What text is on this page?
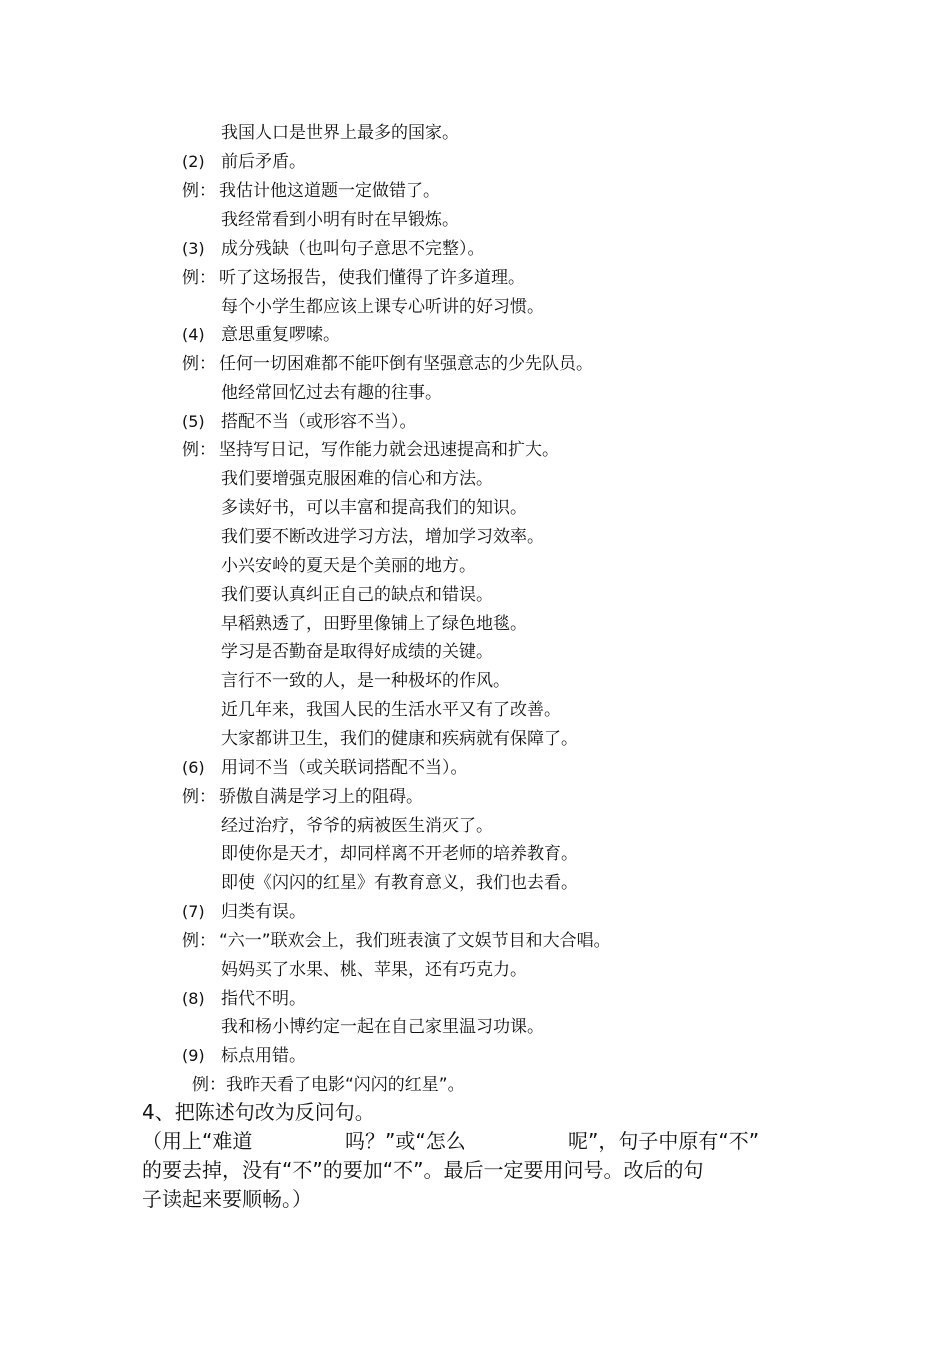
我国人口是世界上最多的国家。
(2) 前后矛盾。
例： 我估计他这道题一定做错了。
我经常看到小明有时在早锻炼。
(3) 成分残缺（也叫句子意思不完整）。
例： 听了这场报告，使我们懂得了许多道理。
每个小学生都应该上课专心听讲的好习惯。
(4) 意思重复啰嗦。
例： 任何一切困难都不能吓倒有坚强意志的少先队员。
他经常回忆过去有趣的往事。
(5) 搭配不当（或形容不当）。
例： 坚持写日记，写作能力就会迅速提高和扩大。
我们要增强克服困难的信心和方法。
多读好书，可以丰富和提高我们的知识。
我们要不断改进学习方法，增加学习效率。
小兴安岭的夏天是个美丽的地方。
我们要认真纠正自己的缺点和错误。
早稻熟透了，田野里像铺上了绿色地毯。
学习是否勤奋是取得好成绩的关键。
言行不一致的人，是一种极坏的作风。
近几年来，我国人民的生活水平又有了改善。
大家都讲卫生，我们的健康和疾病就有保障了。
(6) 用词不当（或关联词搭配不当）。
例： 骄傲自满是学习上的阻碍。
经过治疗，爷爷的病被医生消灭了。
即使你是天才，却同样离不开老师的培养教育。
即使《闪闪的红星》有教育意义，我们也去看。
(7) 归类有误。
例： “六一”联欢会上，我们班表演了文娱节目和大合唱。
妈妈买了水果、桃、苹果，还有巧克力。
(8) 指代不明。
我和杨小博约定一起在自己家里温习功课。
(9) 标点用错。
例：我昨天看了电影“闪闪的红星”。
4、把陈述句改为反问句。
（用上“难道	吗？”或“怎么	呢”，句子中原有“不”
的要去掉，没有“不”的要加“不”。最后一定要用问号。改后的句
子读起来要顺畅。）
